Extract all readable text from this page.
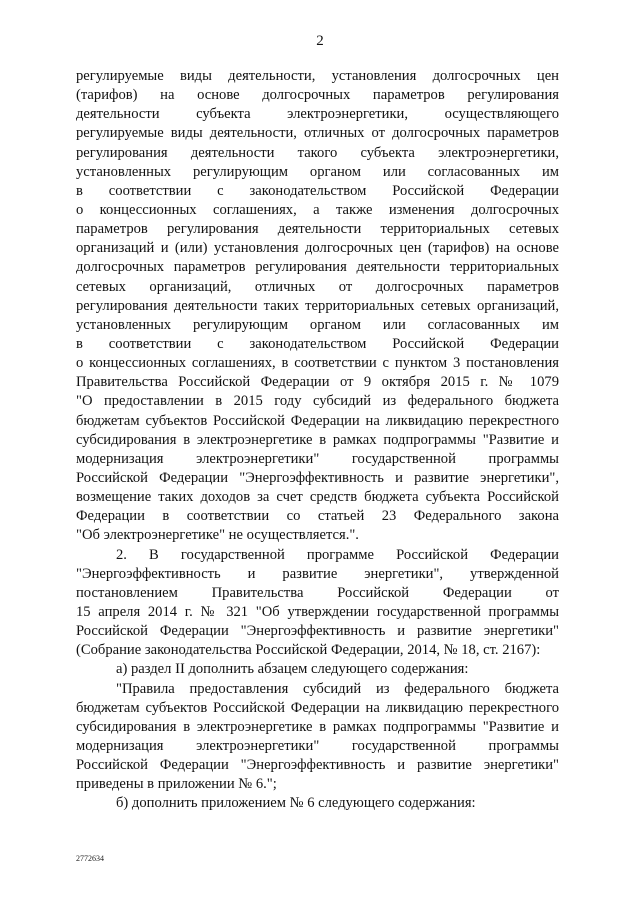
2
регулируемые виды деятельности, установления долгосрочных цен
(тарифов) на основе долгосрочных параметров регулирования
деятельности субъекта электроэнергетики, осуществляющего
регулируемые виды деятельности, отличных от долгосрочных параметров
регулирования деятельности такого субъекта электроэнергетики,
установленных регулирующим органом или согласованных им
в соответствии с законодательством Российской Федерации
о концессионных соглашениях, а также изменения долгосрочных
параметров регулирования деятельности территориальных сетевых
организаций и (или) установления долгосрочных цен (тарифов) на основе
долгосрочных параметров регулирования деятельности территориальных
сетевых организаций, отличных от долгосрочных параметров
регулирования деятельности таких территориальных сетевых организаций,
установленных регулирующим органом или согласованных им
в соответствии с законодательством Российской Федерации
о концессионных соглашениях, в соответствии с пунктом 3 постановления
Правительства Российской Федерации от 9 октября 2015 г. № 1079
"О предоставлении в 2015 году субсидий из федерального бюджета
бюджетам субъектов Российской Федерации на ликвидацию перекрестного
субсидирования в электроэнергетике в рамках подпрограммы "Развитие и
модернизация электроэнергетики" государственной программы
Российской Федерации "Энергоэффективность и развитие энергетики",
возмещение таких доходов за счет средств бюджета субъекта Российской
Федерации в соответствии со статьей 23 Федерального закона
"Об электроэнергетике" не осуществляется.".
2. В государственной программе Российской Федерации
"Энергоэффективность и развитие энергетики", утвержденной
постановлением Правительства Российской Федерации от
15 апреля 2014 г. № 321 "Об утверждении государственной программы
Российской Федерации "Энергоэффективность и развитие энергетики"
(Собрание законодательства Российской Федерации, 2014, № 18, ст. 2167):
а) раздел II дополнить абзацем следующего содержания:
"Правила предоставления субсидий из федерального бюджета
бюджетам субъектов Российской Федерации на ликвидацию перекрестного
субсидирования в электроэнергетике в рамках подпрограммы "Развитие и
модернизация электроэнергетики" государственной программы
Российской Федерации "Энергоэффективность и развитие энергетики"
приведены в приложении № 6.";
б) дополнить приложением № 6 следующего содержания:
2772634
